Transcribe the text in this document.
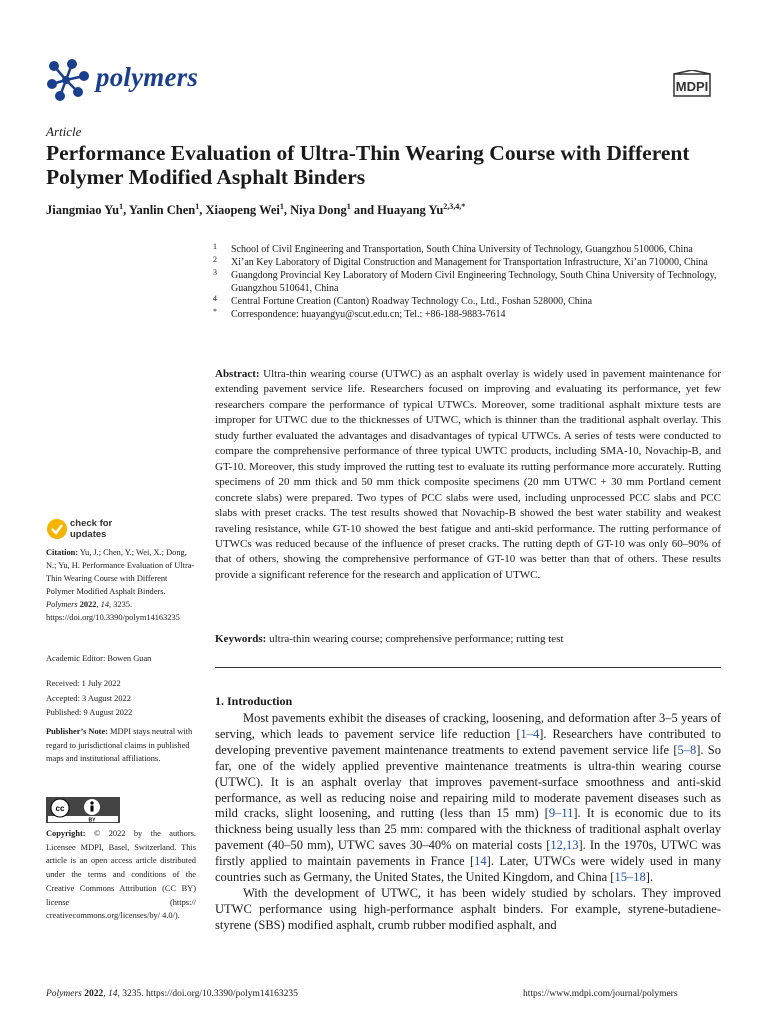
polymers	MDPI
Article
Performance Evaluation of Ultra-Thin Wearing Course with Different Polymer Modified Asphalt Binders
Jiangmiao Yu$^1$, Yanlin Chen$^1$, Xiaopeng Wei$^1$, Niya Dong$^1$ and Huayang $Yu^{2,3,4,*}$
1 School of Civil Engineering and Transportation, South China University of Technology, Guangzhou 510006, China
2 Xi’an Key Laboratory of Digital Construction and Management for Transportation Infrastructure, Xi’an 710000, China
3 Guangdong Provincial Key Laboratory of Modern Civil Engineering Technology, South China University of Technology, Guangzhou 510641, China
4 Central Fortune Creation (Canton) Roadway Technology Co., Ltd., Foshan 528000, China
* Correspondence: huayangyu@scut.edu.cn; Tel.: +86-188-9883-7614
Abstract: Ultra-thin wearing course (UTWC) as an asphalt overlay is widely used in pavement maintenance for extending pavement service life. Researchers focused on improving and evaluating its performance, yet few researchers compare the performance of typical UTWCs. Moreover, some traditional asphalt mixture tests are improper for UTWC due to the thicknesses of UTWC, which is thinner than the traditional asphalt overlay. This study further evaluated the advantages and disadvantages of typical UTWCs. A series of tests were conducted to compare the comprehensive performance of three typical UWTC products, including SMA-10, Novachip-B, and GT-10. Moreover, this study improved the rutting test to evaluate its rutting performance more accurately. Rutting specimens of 20 mm thick and 50 mm thick composite specimens (20 mm UTWC + 30 mm Portland cement concrete slabs) were prepared. Two types of PCC slabs were used, including unprocessed PCC slabs and PCC slabs with preset cracks. The test results showed that Novachip-B showed the best water stability and weakest raveling resistance, while GT-10 showed the best fatigue and anti-skid performance. The rutting performance of UTWCs was reduced because of the influence of preset cracks. The rutting depth of GT-10 was only 60–90% of that of others, showing the comprehensive performance of GT-10 was better than that of others. These results provide a significant reference for the research and application of UTWC.
Keywords: ultra-thin wearing course; comprehensive performance; rutting test
check for
updates
Citation: Yu, J.; Chen, Y.; Wei, X.; Dong, N.; Yu, H. Performance Evaluation of Ultra-Thin Wearing Course with Different Polymer Modified Asphalt Binders. Polymers 2022, 14, 3235. https://doi.org/10.3390/polym14163235
Academic Editor: Bowen Guan
Received: 1 July 2022
Accepted: 3 August 2022
Published: 9 August 2022
Publisher’s Note: MDPI stays neutral with regard to jurisdictional claims in published maps and institutional affiliations.
cc
BY
Copyright: © 2022 by the authors. Licensee MDPI, Basel, Switzerland. This article is an open access article distributed under the terms and conditions of the Creative Commons Attribution (CC BY) license (https:// creativecommons.org/licenses/by/ 4.0/).
1. Introduction

Most pavements exhibit the diseases of cracking, loosening, and deformation after 3–5 years of serving, which leads to pavement service life reduction [1–4]. Researchers have contributed to developing preventive pavement maintenance treatments to extend pavement service life [5–8]. So far, one of the widely applied preventive maintenance treatments is ultra-thin wearing course (UTWC). It is an asphalt overlay that improves pavement-surface smoothness and anti-skid performance, as well as reducing noise and repairing mild to moderate pavement diseases such as mild cracks, slight loosening, and rutting (less than 15 mm) [9–11]. It is economic due to its thickness being usually less than 25 mm: compared with the thickness of traditional asphalt overlay pavement (40–50 mm), UTWC saves 30–40% on material costs [12,13]. In the 1970s, UTWC was firstly applied to maintain pavements in France [14]. Later, UTWCs were widely used in many countries such as Germany, the United States, the United Kingdom, and China [15–18].

With the development of UTWC, it has been widely studied by scholars. They improved UTWC performance using high-performance asphalt binders. For example, styrene-butadiene-styrene (SBS) modified asphalt, crumb rubber modified asphalt, and

Polymers 2022, 14, 3235. https://doi.org/10.3390/polym14163235	https://www.mdpi.com/journal/polymers
